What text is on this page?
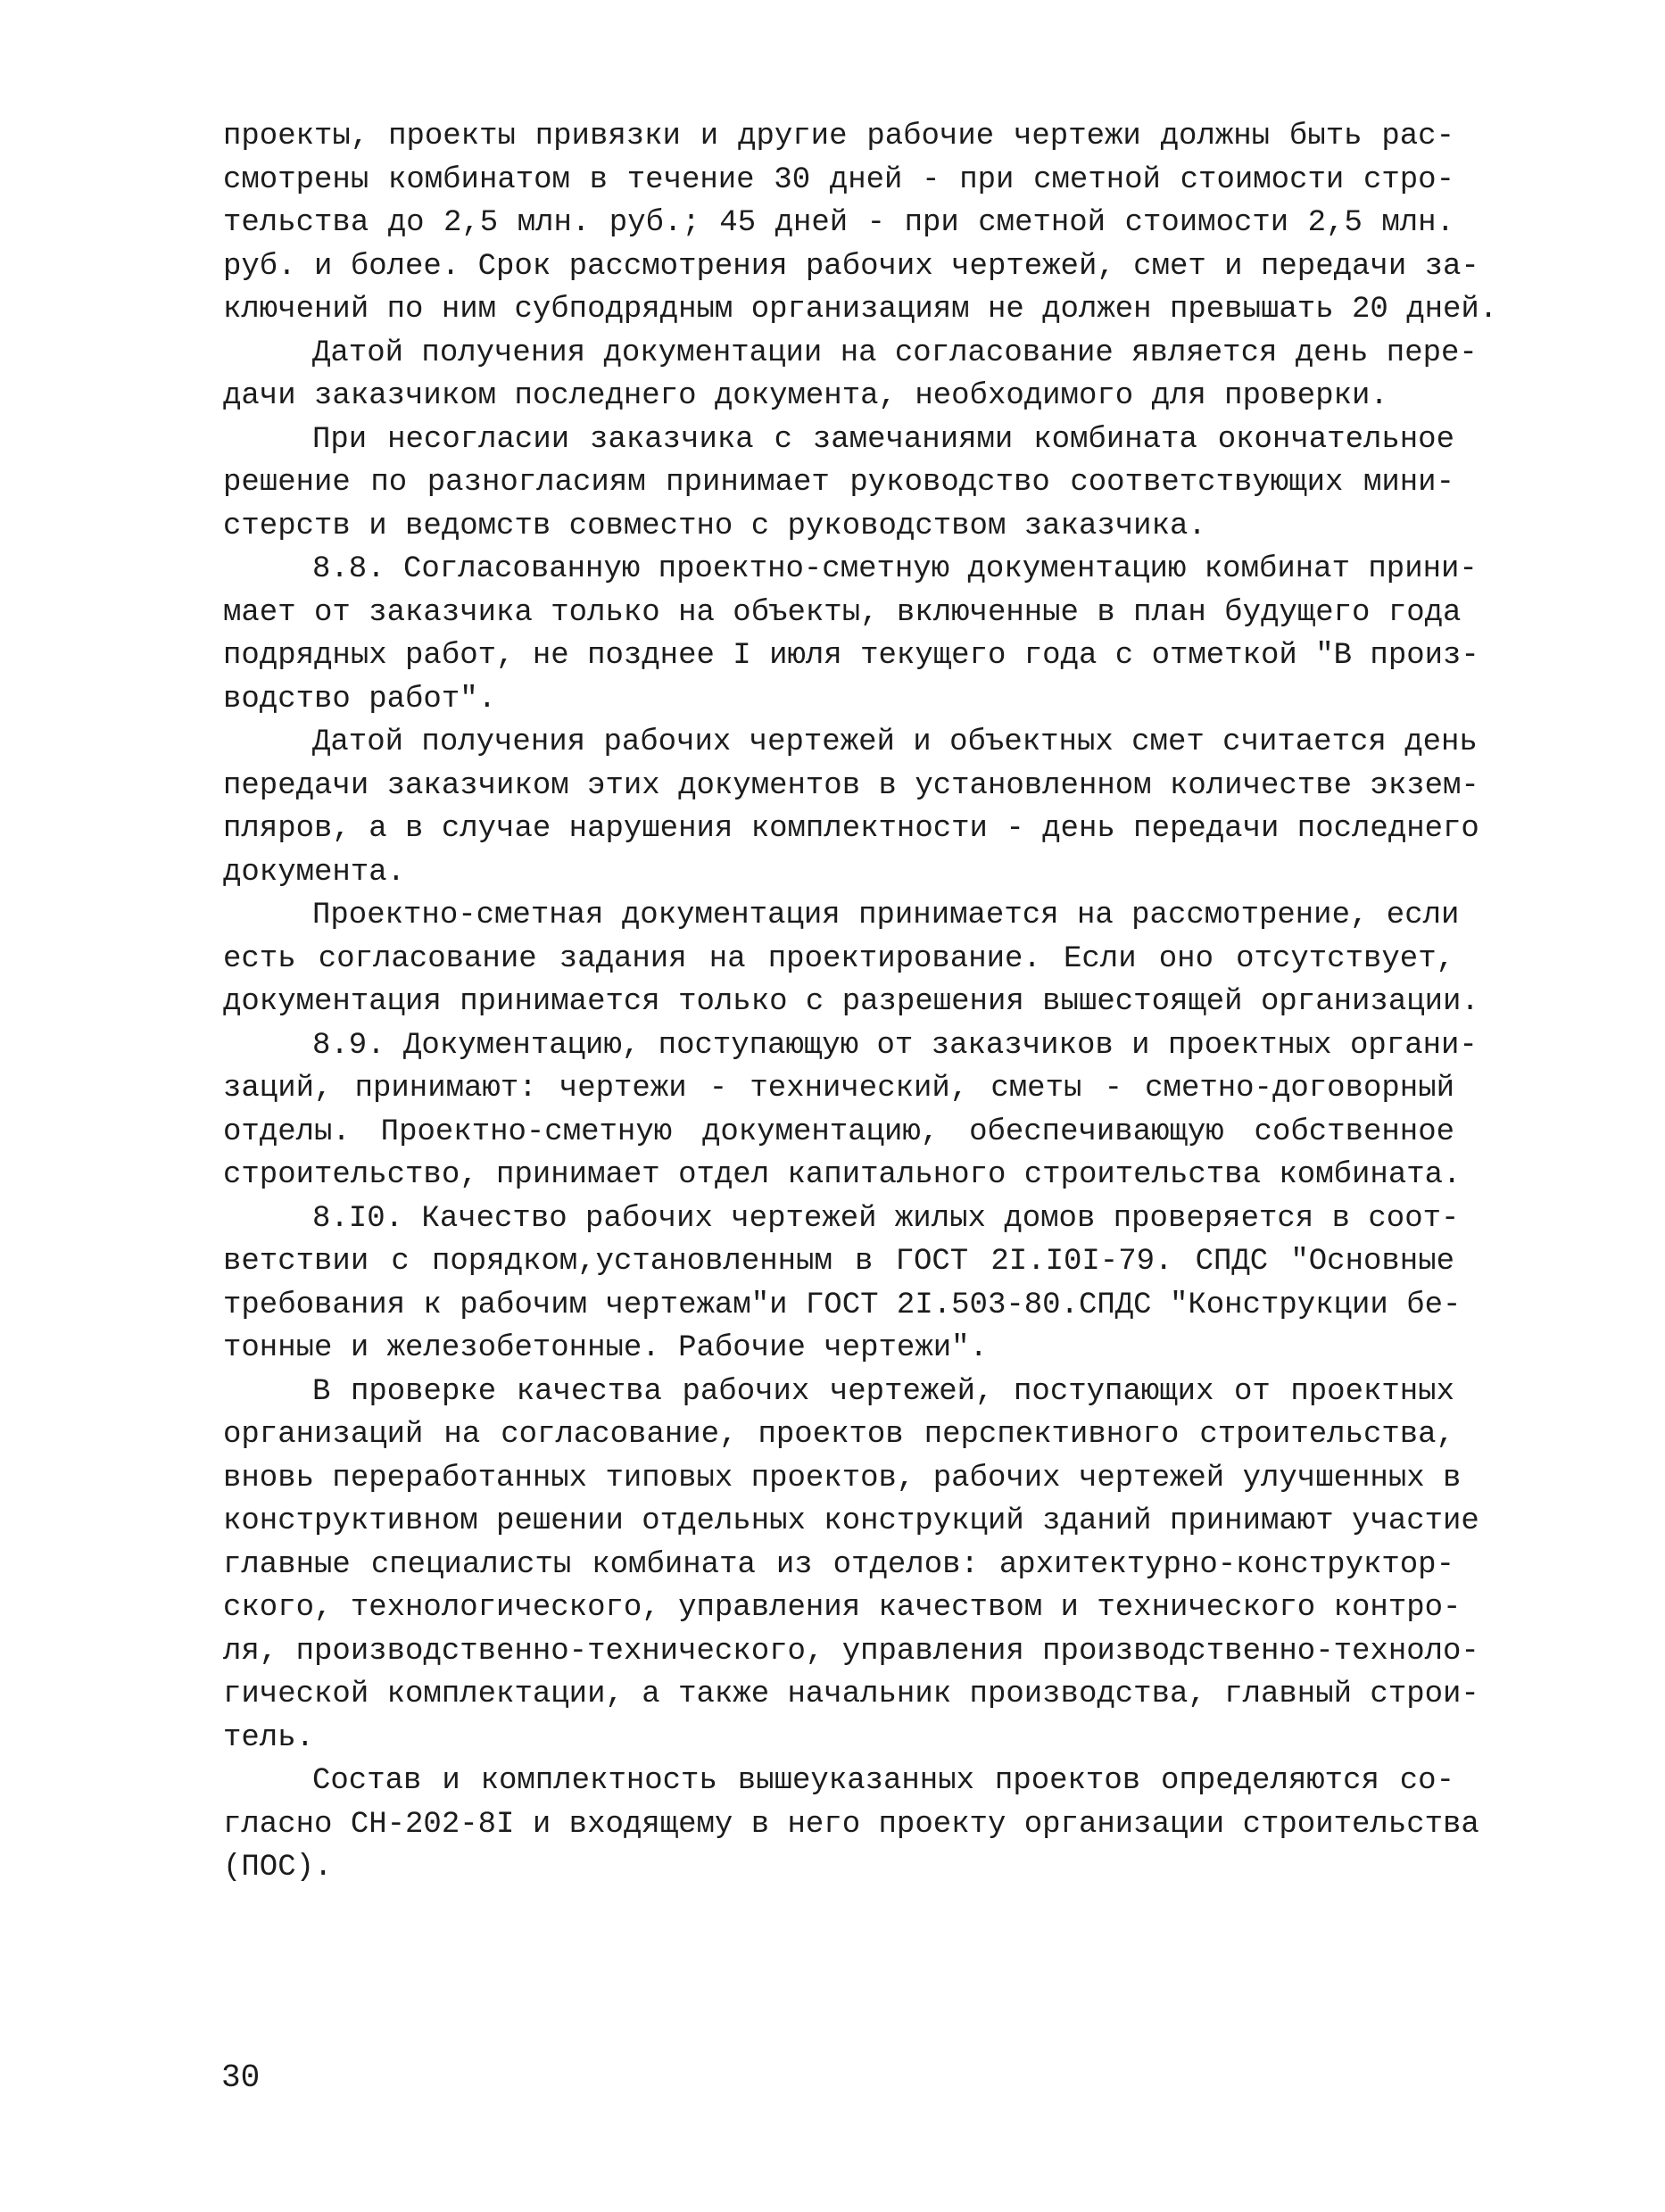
проекты, проекты привязки и другие рабочие чертежи должны быть рас-
смотрены комбинатом в течение 30 дней - при сметной стоимости стро-
тельства до 2,5 млн. руб.; 45 дней - при сметной стоимости 2,5 млн.
руб. и более. Срок рассмотрения рабочих чертежей, смет и передачи за-
ключений по ним субподрядным организациям не должен превышать 20 дней.
Датой получения документации на согласование является день пере-
дачи заказчиком последнего документа, необходимого для проверки.
При несогласии заказчика с замечаниями комбината окончательное
решение по разногласиям принимает руководство соответствующих мини-
стерств и ведомств совместно с руководством заказчика.
8.8. Согласованную проектно-сметную документацию комбинат прини-
мает от заказчика только на объекты, включенные в план будущего года
подрядных работ, не позднее I июля текущего года с отметкой "В произ-
водство работ".
Датой получения рабочих чертежей и объектных смет считается день
передачи заказчиком этих документов в установленном количестве экзем-
пляров, а в случае нарушения комплектности - день передачи последнего
документа.
Проектно-сметная документация принимается на рассмотрение, если
есть согласование задания на проектирование. Если оно отсутствует,
документация принимается только с разрешения вышестоящей организации.
8.9. Документацию, поступающую от заказчиков и проектных органи-
заций, принимают: чертежи - технический, сметы - сметно-договорный
отделы. Проектно-сметную документацию, обеспечивающую собственное
строительство, принимает отдел капитального строительства комбината.
8.I0. Качество рабочих чертежей жилых домов проверяется в соот-
ветствии с порядком,установленным в ГОСТ 2I.I0I-79. СПДС "Основные
требования к рабочим чертежам"и ГОСТ 2I.503-80.СПДС "Конструкции бе-
тонные и железобетонные. Рабочие чертежи".
В проверке качества рабочих чертежей, поступающих от проектных
организаций на согласование, проектов перспективного строительства,
вновь переработанных типовых проектов, рабочих чертежей улучшенных в
конструктивном решении отдельных конструкций зданий принимают участие
главные специалисты комбината из отделов: архитектурно-конструктор-
ского, технологического, управления качеством и технического контро-
ля, производственно-технического, управления производственно-техноло-
гической комплектации, а также начальник производства, главный строи-
тель.
Состав и комплектность вышеуказанных проектов определяются со-
гласно СН-202-8I и входящему в него проекту организации строительства
(ПОС).
30
